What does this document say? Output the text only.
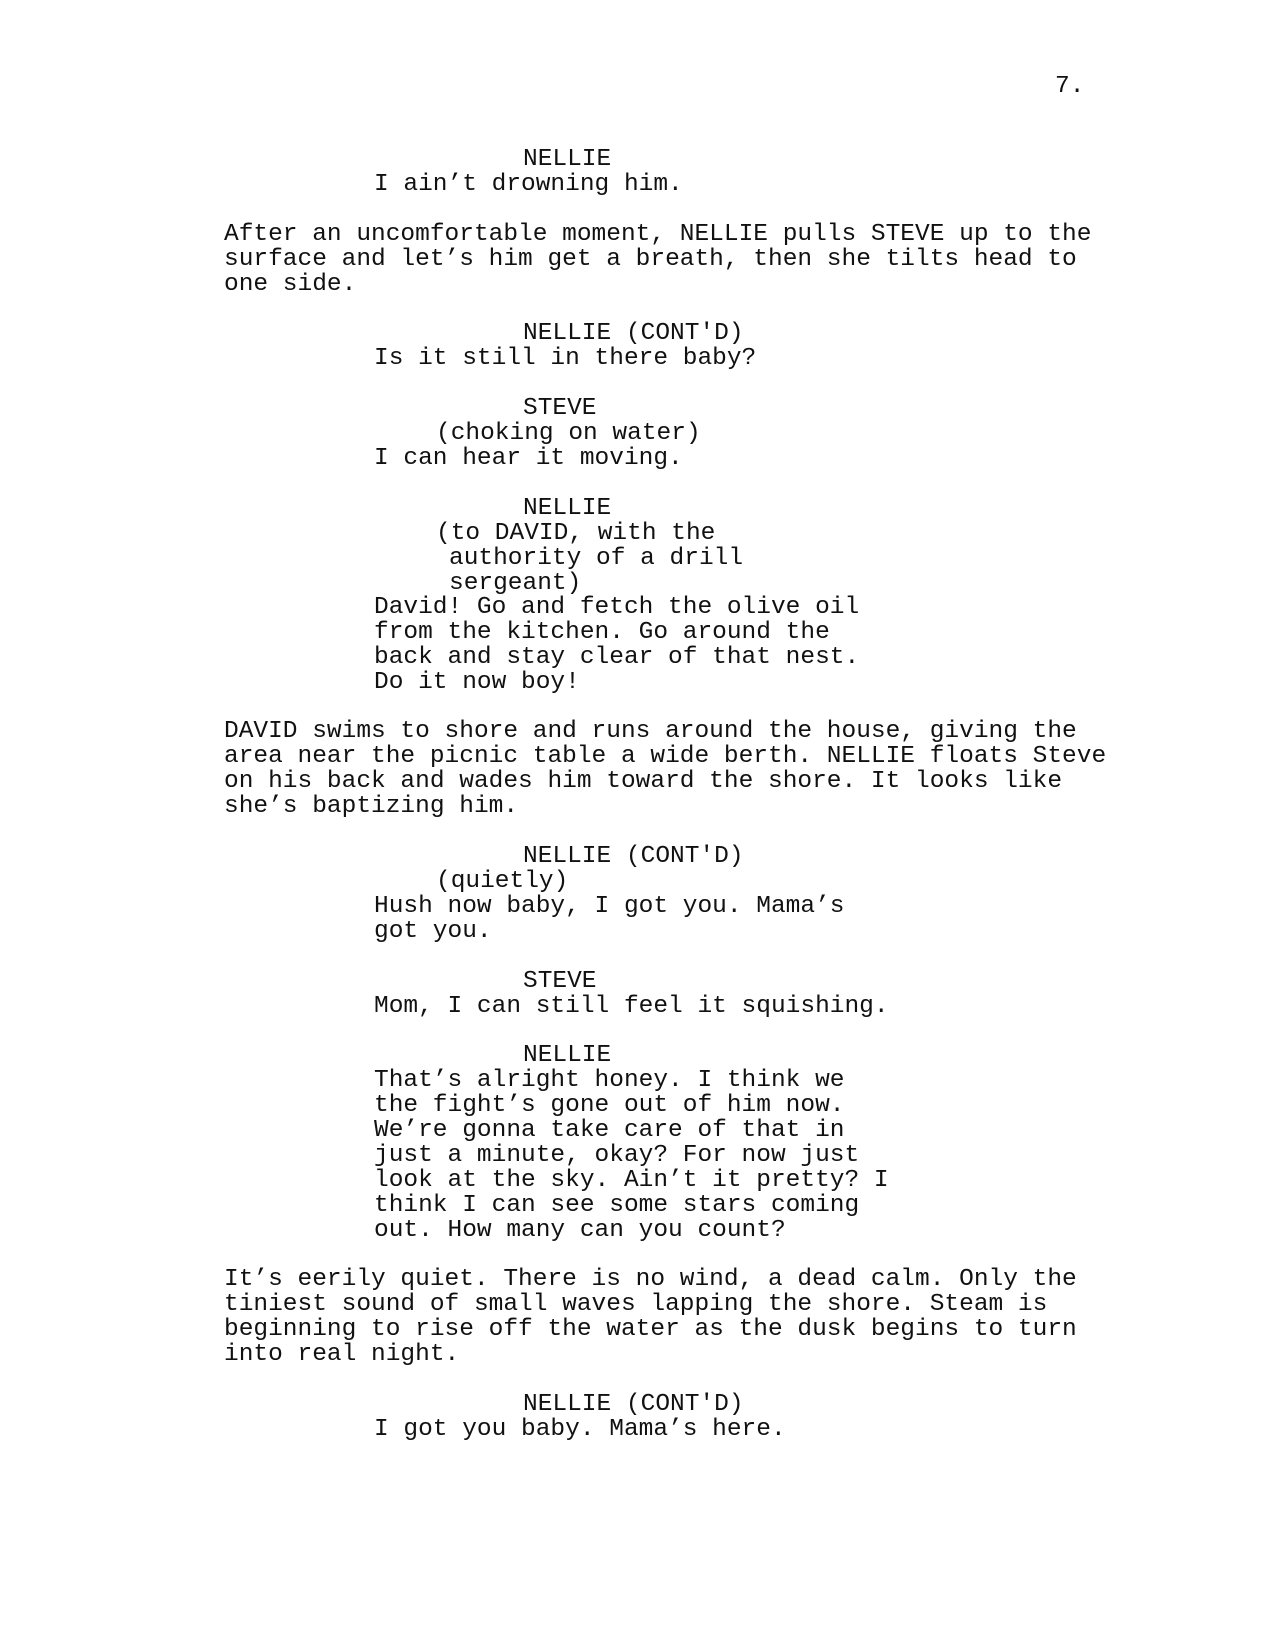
7.
NELLIE
I ain’t drowning him.
After an uncomfortable moment, NELLIE pulls STEVE up to the
surface and let’s him get a breath, then she tilts head to
one side.
NELLIE (CONT'D)
Is it still in there baby?
STEVE
(choking on water)
I can hear it moving.
NELLIE
(to DAVID, with the
authority of a drill
sergeant)
David! Go and fetch the olive oil
from the kitchen. Go around the
back and stay clear of that nest.
Do it now boy!
DAVID swims to shore and runs around the house, giving the
area near the picnic table a wide berth. NELLIE floats Steve
on his back and wades him toward the shore. It looks like
she’s baptizing him.
NELLIE (CONT'D)
(quietly)
Hush now baby, I got you. Mama’s
got you.
STEVE
Mom, I can still feel it squishing.
NELLIE
That’s alright honey. I think we
the fight’s gone out of him now.
We’re gonna take care of that in
just a minute, okay? For now just
look at the sky. Ain’t it pretty? I
think I can see some stars coming
out. How many can you count?
It’s eerily quiet. There is no wind, a dead calm. Only the
tiniest sound of small waves lapping the shore. Steam is
beginning to rise off the water as the dusk begins to turn
into real night.
NELLIE (CONT'D)
I got you baby. Mama’s here.
